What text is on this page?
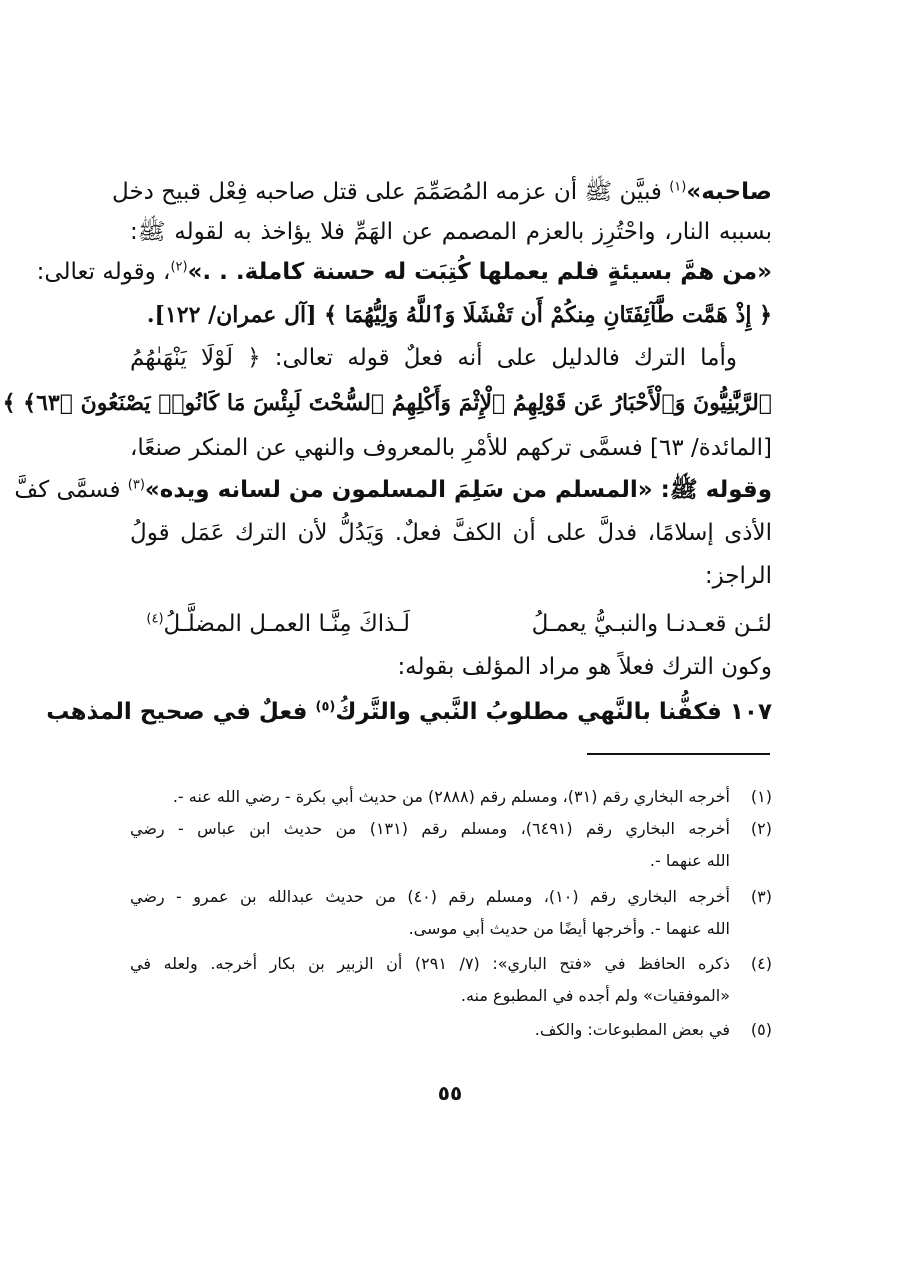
صاحبه»$^{(١)}$ فبيَّن ﷺ أن عزمه المُصَمِّمَ على قتل صاحبه فِعْل قبيح دخل
بسببه النار، واحْتُرِز بالعزم المصمم عن الهَمِّ فلا يؤاخذ به لقوله ﷺ:
«من همَّ بسيئةٍ فلم يعملها كُتِبَت له حسنة كاملة. . .»$^{(٢)}$، وقوله تعالى:
﴿ إِذْ هَمَّت طَّآئِفَتَانِ مِنكُمْ أَن تَفْشَلَا وَٱللَّهُ وَلِيُّهُمَا ﴾ [آل عمران/ ١٢٢].
وأما الترك فالدليل على أنه فعلٌ قوله تعالى: ﴿ لَوْلَا يَنْهَىٰهُمُ
ٱلرَّبَّٰنِيُّونَ وَٱلْأَحْبَارُ عَن قَوْلِهِمُ ٱلْإِثْمَ وَأَكْلِهِمُ ٱلسُّحْتَ لَبِئْسَ مَا كَانُوا۟ يَصْنَعُونَ ﴿٦٣﴾ ﴾
[المائدة/ ٦٣] فسمَّى تركهم للأمْرِ بالمعروف والنهي عن المنكر صنعًا،
وقوله ﷺ: «المسلم من سَلِمَ المسلمون من لسانه ويده»$^{(٣)}$ فسمَّى كفَّ
الأذى إسلامًا، فدلَّ على أن الكفَّ فعلٌ. وَيَدُلُّ لأن الترك عَمَل قولُ
الراجز:
لئـن قعـدنـا والنبـيُّ يعمـلُ
لَـذاكَ مِنَّـا العمـل المضلَّـلُ$^{(٤)}$
وكون الترك فعلاً هو مراد المؤلف بقوله:
١٠٧ فكفُّنا بالنَّهي مطلوبُ النَّبي والتَّركُ$^{(٥)}$ فعلٌ في صحيح المذهب
(١)
أخرجه البخاري رقم (٣١)، ومسلم رقم (٢٨٨٨) من حديث أبي بكرة - رضي الله عنه -.
(٢)
أخرجه البخاري رقم (٦٤٩١)، ومسلم رقم (١٣١) من حديث ابن عباس - رضي
الله عنهما -.
(٣)
أخرجه البخاري رقم (١٠)، ومسلم رقم (٤٠) من حديث عبدالله بن عمرو - رضي
الله عنهما -. وأخرجها أيضًا من حديث أبي موسى.
(٤)
ذكره الحافظ في «فتح الباري»: (٧/ ٢٩١) أن الزبير بن بكار أخرجه. ولعله في
«الموفقيات» ولم أجده في المطبوع منه.
(٥)
في بعض المطبوعات: والكف.
٥٥
